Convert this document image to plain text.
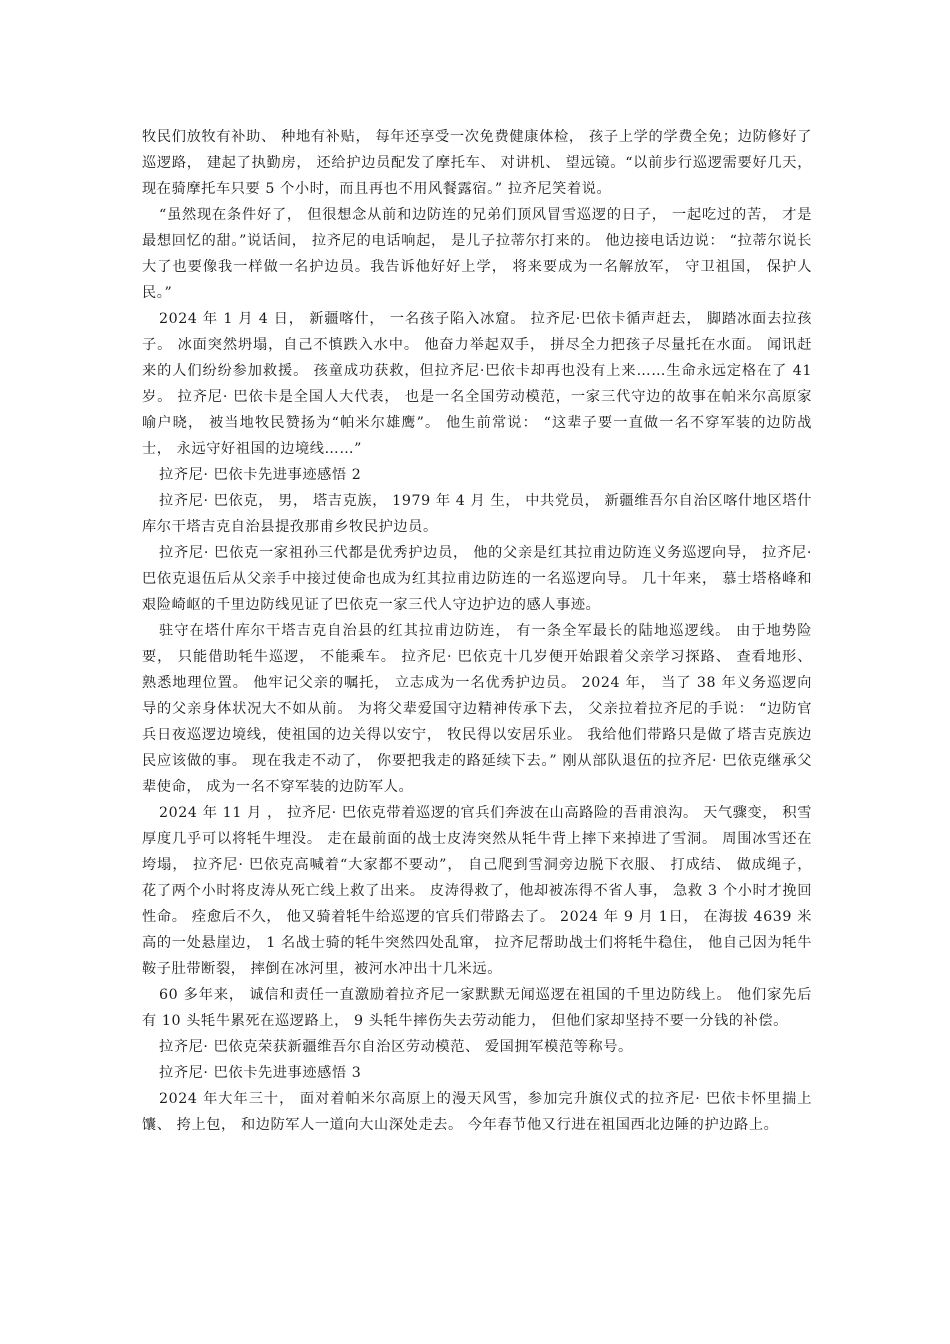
牧民们放牧有补助、 种地有补贴， 每年还享受一次免费健康体检， 孩子上学的学费全免；边防修好了巡逻路， 建起了执勤房， 还给护边员配发了摩托车、 对讲机、 望远镜。“以前步行巡逻需要好几天， 现在骑摩托车只要 5 个小时，而且再也不用风餐露宿。” 拉齐尼笑着说。

“虽然现在条件好了， 但很想念从前和边防连的兄弟们顶风冒雪巡逻的日子， 一起吃过的苦， 才是最想回忆的甜。”说话间， 拉齐尼的电话响起， 是儿子拉蒂尔打来的。 他边接电话边说： “拉蒂尔说长大了也要像我一样做一名护边员。我告诉他好好上学， 将来要成为一名解放军， 守卫祖国， 保护人民。”

2024 年 1 月 4 日， 新疆喀什， 一名孩子陷入冰窟。 拉齐尼·巴依卡循声赶去， 脚踏冰面去拉孩子。 冰面突然坍塌，自己不慎跌入水中。 他奋力举起双手， 拼尽全力把孩子尽量托在水面。 闻讯赶来的人们纷纷参加救援。 孩童成功获救，但拉齐尼·巴依卡却再也没有上来……生命永远定格在了 41 岁。 拉齐尼· 巴依卡是全国人大代表， 也是一名全国劳动模范，一家三代守边的故事在帕米尔高原家喻户晓， 被当地牧民赞扬为“帕米尔雄鹰”。 他生前常说： “这辈子要一直做一名不穿军装的边防战士， 永远守好祖国的边境线……”

拉齐尼· 巴依卡先进事迹感悟 2

拉齐尼· 巴依克， 男， 塔吉克族， 1979 年 4 月 生， 中共党员， 新疆维吾尔自治区喀什地区塔什库尔干塔吉克自治县提孜那甫乡牧民护边员。

拉齐尼· 巴依克一家祖孙三代都是优秀护边员， 他的父亲是红其拉甫边防连义务巡逻向导， 拉齐尼· 巴依克退伍后从父亲手中接过使命也成为红其拉甫边防连的一名巡逻向导。 几十年来， 慕士塔格峰和艰险崎岖的千里边防线见证了巴依克一家三代人守边护边的感人事迹。

驻守在塔什库尔干塔吉克自治县的红其拉甫边防连， 有一条全军最长的陆地巡逻线。 由于地势险要， 只能借助牦牛巡逻， 不能乘车。 拉齐尼· 巴依克十几岁便开始跟着父亲学习探路、 查看地形、 熟悉地理位置。 他牢记父亲的嘱托， 立志成为一名优秀护边员。 2024 年， 当了 38 年义务巡逻向导的父亲身体状况大不如从前。 为将父辈爱国守边精神传承下去， 父亲拉着拉齐尼的手说： “边防官兵日夜巡逻边境线，使祖国的边关得以安宁， 牧民得以安居乐业。 我给他们带路只是做了塔吉克族边民应该做的事。 现在我走不动了， 你要把我走的路延续下去。” 刚从部队退伍的拉齐尼· 巴依克继承父辈使命， 成为一名不穿军装的边防军人。

2024 年 11 月 ， 拉齐尼· 巴依克带着巡逻的官兵们奔波在山高路险的吾甫浪沟。 天气骤变， 积雪厚度几乎可以将牦牛埋没。 走在最前面的战士皮涛突然从牦牛背上摔下来掉进了雪洞。 周围冰雪还在垮塌， 拉齐尼· 巴依克高喊着“大家都不要动”， 自己爬到雪洞旁边脱下衣服、 打成结、 做成绳子， 花了两个小时将皮涛从死亡线上救了出来。 皮涛得救了，他却被冻得不省人事， 急救 3 个小时才挽回性命。 痊愈后不久， 他又骑着牦牛给巡逻的官兵们带路去了。 2024 年 9 月 1日， 在海拔 4639 米高的一处悬崖边， 1 名战士骑的牦牛突然四处乱窜， 拉齐尼帮助战士们将牦牛稳住， 他自己因为牦牛鞍子肚带断裂， 摔倒在冰河里，被河水冲出十几米远。

60 多年来， 诚信和责任一直激励着拉齐尼一家默默无闻巡逻在祖国的千里边防线上。 他们家先后有 10 头牦牛累死在巡逻路上， 9 头牦牛摔伤失去劳动能力， 但他们家却坚持不要一分钱的补偿。

拉齐尼· 巴依克荣获新疆维吾尔自治区劳动模范、 爱国拥军模范等称号。

拉齐尼· 巴依卡先进事迹感悟 3

2024 年大年三十， 面对着帕米尔高原上的漫天风雪，参加完升旗仪式的拉齐尼· 巴依卡怀里揣上馕、 挎上包， 和边防军人一道向大山深处走去。 今年春节他又行进在祖国西北边陲的护边路上。
